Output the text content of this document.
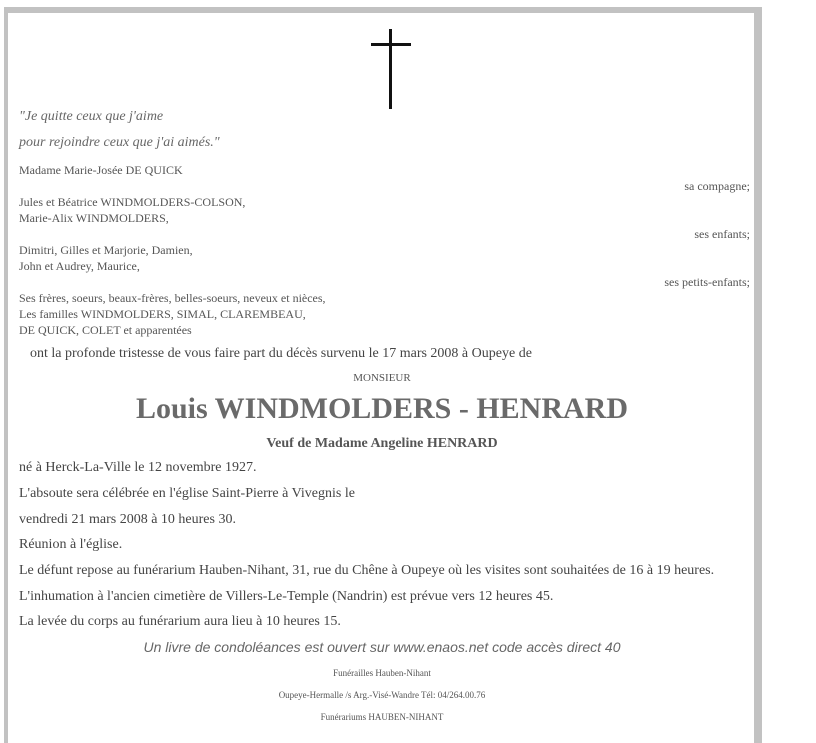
"Je quitte ceux que j'aime
pour rejoindre ceux que j'ai aimés."
Madame Marie-Josée DE QUICK
sa compagne;
Jules et Béatrice WINDMOLDERS-COLSON,
Marie-Alix WINDMOLDERS,
ses enfants;
Dimitri, Gilles et Marjorie, Damien,
John et Audrey, Maurice,
ses petits-enfants;
Ses frères, soeurs, beaux-frères, belles-soeurs, neveux et nièces,
Les familles WINDMOLDERS, SIMAL, CLAREMBEAU,
DE QUICK, COLET et apparentées
ont la profonde tristesse de vous faire part du décès survenu le 17 mars 2008 à Oupeye de
MONSIEUR
Louis WINDMOLDERS - HENRARD
Veuf de Madame Angeline HENRARD
né à Herck-La-Ville le 12 novembre 1927.
L'absoute sera célébrée en l'église Saint-Pierre à Vivegnis le
vendredi 21 mars 2008 à 10 heures 30.
Réunion à l'église.
Le défunt repose au funérarium Hauben-Nihant, 31, rue du Chêne à Oupeye où les visites sont souhaitées de 16 à 19 heures.
L'inhumation à l'ancien cimetière de Villers-Le-Temple (Nandrin) est prévue vers 12 heures 45.
La levée du corps au funérarium aura lieu à 10 heures 15.
Un livre de condoléances est ouvert sur www.enaos.net code accès direct 40
Funérailles Hauben-Nihant
Oupeye-Hermalle /s Arg.-Visé-Wandre Tél: 04/264.00.76
Funérariums HAUBEN-NIHANT
